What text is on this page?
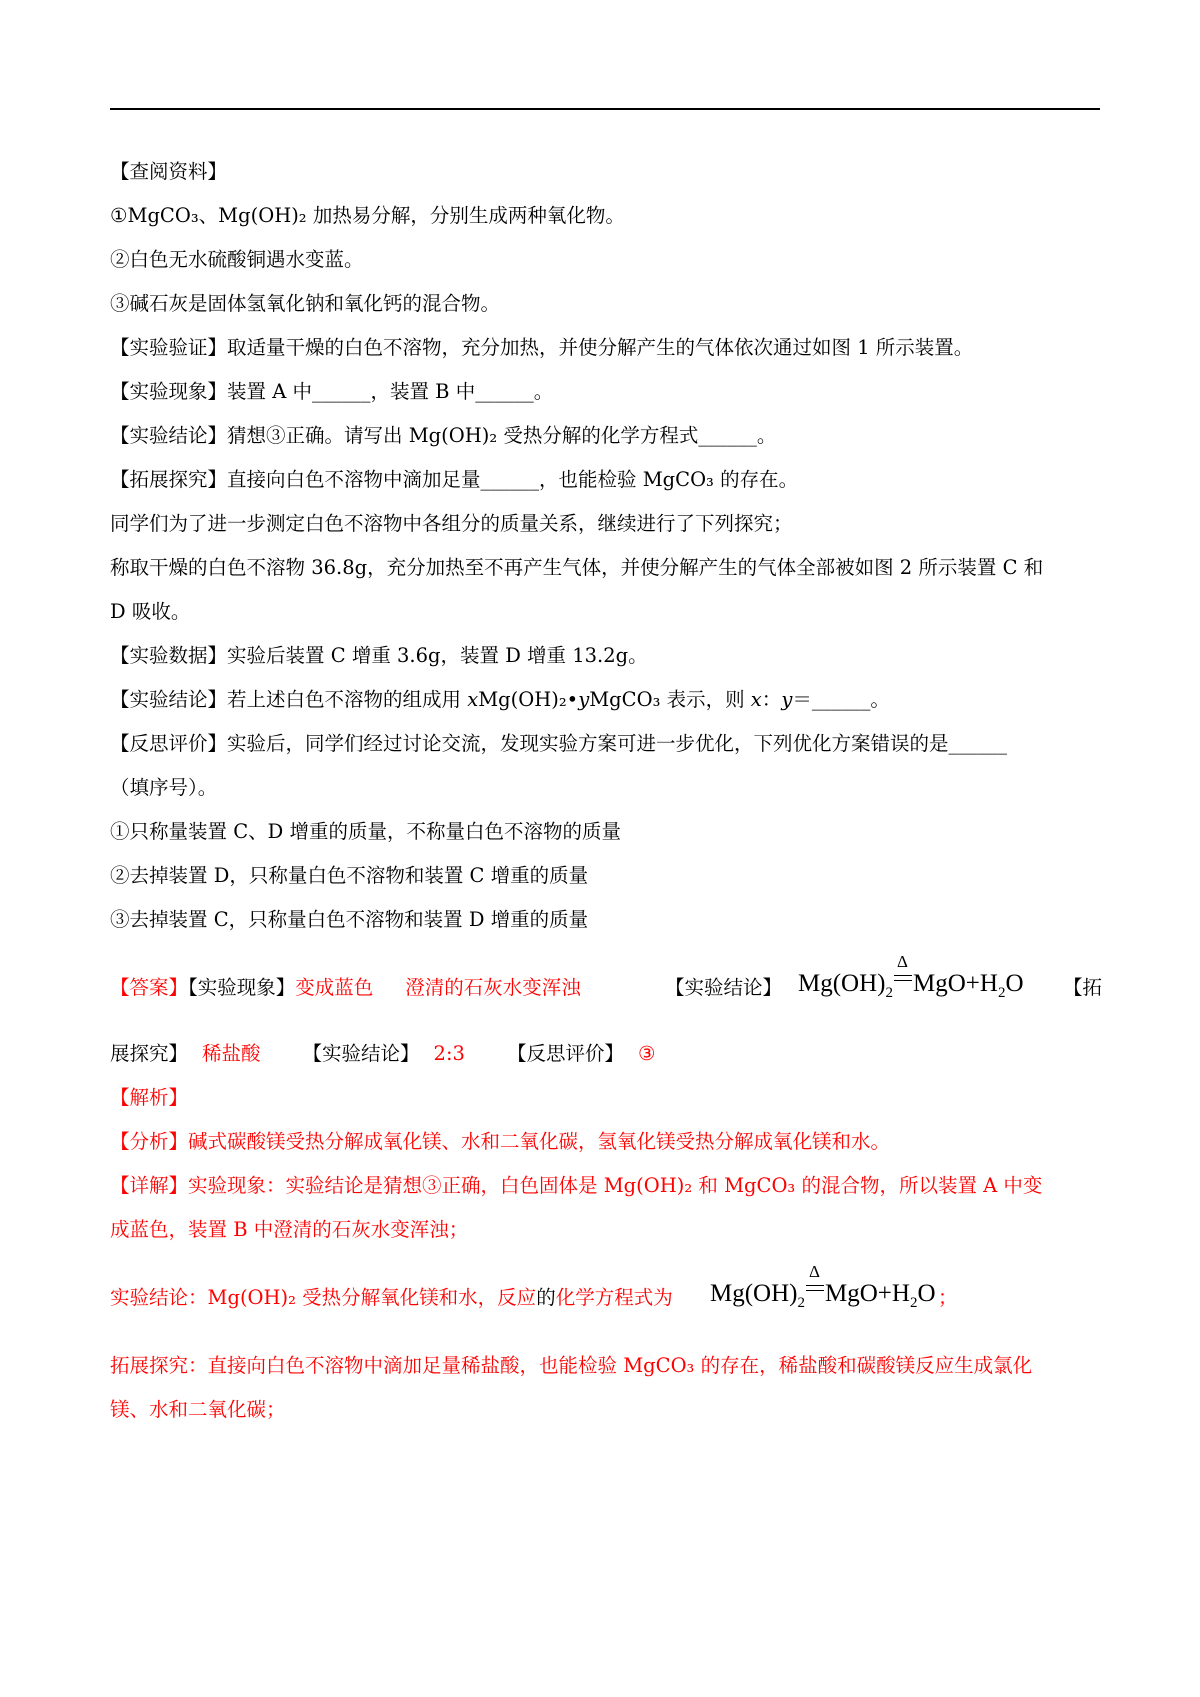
【查阅资料】
①MgCO₃、Mg(OH)₂ 加热易分解，分别生成两种氧化物。
②白色无水硫酸铜遇水变蓝。
③碱石灰是固体氢氧化钠和氧化钙的混合物。
【实验验证】取适量干燥的白色不溶物，充分加热，并使分解产生的气体依次通过如图 1 所示装置。
【实验现象】装置 A 中______，装置 B 中______。
【实验结论】猜想③正确。请写出 Mg(OH)₂ 受热分解的化学方程式______。
【拓展探究】直接向白色不溶物中滴加足量______，也能检验 MgCO₃ 的存在。
同学们为了进一步测定白色不溶物中各组分的质量关系，继续进行了下列探究；
称取干燥的白色不溶物 36.8g，充分加热至不再产生气体，并使分解产生的气体全部被如图 2 所示装置 C 和
D 吸收。
【实验数据】实验后装置 C 增重 3.6g，装置 D 增重 13.2g。
【实验结论】若上述白色不溶物的组成用 xMg(OH)₂•yMgCO₃ 表示，则 x：y＝______。
【反思评价】实验后，同学们经过讨论交流，发现实验方案可进一步优化，下列优化方案错误的是______
（填序号）。
①只称量装置 C、D 增重的质量，不称量白色不溶物的质量
②去掉装置 D，只称量白色不溶物和装置 C 增重的质量
③去掉装置 C，只称量白色不溶物和装置 D 增重的质量
【答案】【实验现象】变成蓝色 澄清的石灰水变浑浊	【实验结论】 $Mg(OH)_2$
Δ
$MgO+H_2O$ 【拓
展探究】 稀盐酸 【实验结论】 2:3 【反思评价】 ③
【解析】
【分析】碱式碳酸镁受热分解成氧化镁、水和二氧化碳，氢氧化镁受热分解成氧化镁和水。
【详解】实验现象：实验结论是猜想③正确，白色固体是 Mg(OH)₂ 和 MgCO₃ 的混合物，所以装置 A 中变
成蓝色，装置 B 中澄清的石灰水变浑浊；
实验结论：Mg(OH)₂ 受热分解氧化镁和水，反应的化学方程式为 $Mg(OH)_2$
Δ
$MgO+H_2O$ ；
拓展探究：直接向白色不溶物中滴加足量稀盐酸，也能检验 MgCO₃ 的存在，稀盐酸和碳酸镁反应生成氯化
镁、水和二氧化碳；
